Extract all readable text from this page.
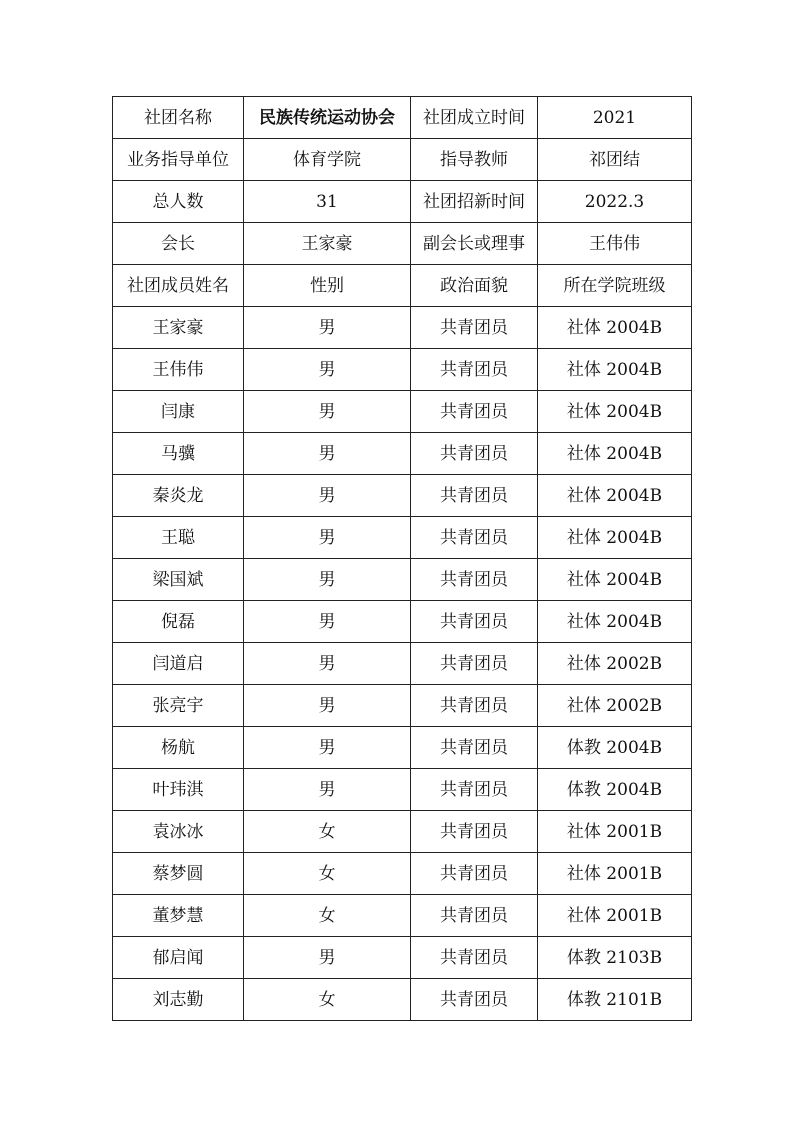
社团名称	民族传统运动协会	社团成立时间	2021
业务指导单位	体育学院	指导教师	祁团结
总人数	31	社团招新时间	2022.3
会长	王家豪	副会长或理事	王伟伟
社团成员姓名	性别	政治面貌	所在学院班级
王家豪	男	共青团员	社体 2004B
王伟伟	男	共青团员	社体 2004B
闫康	男	共青团员	社体 2004B
马骥	男	共青团员	社体 2004B
秦炎龙	男	共青团员	社体 2004B
王聪	男	共青团员	社体 2004B
梁国斌	男	共青团员	社体 2004B
倪磊	男	共青团员	社体 2004B
闫道启	男	共青团员	社体 2002B
张亮宇	男	共青团员	社体 2002B
杨航	男	共青团员	体教 2004B
叶玮淇	男	共青团员	体教 2004B
袁冰冰	女	共青团员	社体 2001B
蔡梦圆	女	共青团员	社体 2001B
董梦慧	女	共青团员	社体 2001B
郁启闻	男	共青团员	体教 2103B
刘志勤	女	共青团员	体教 2101B
